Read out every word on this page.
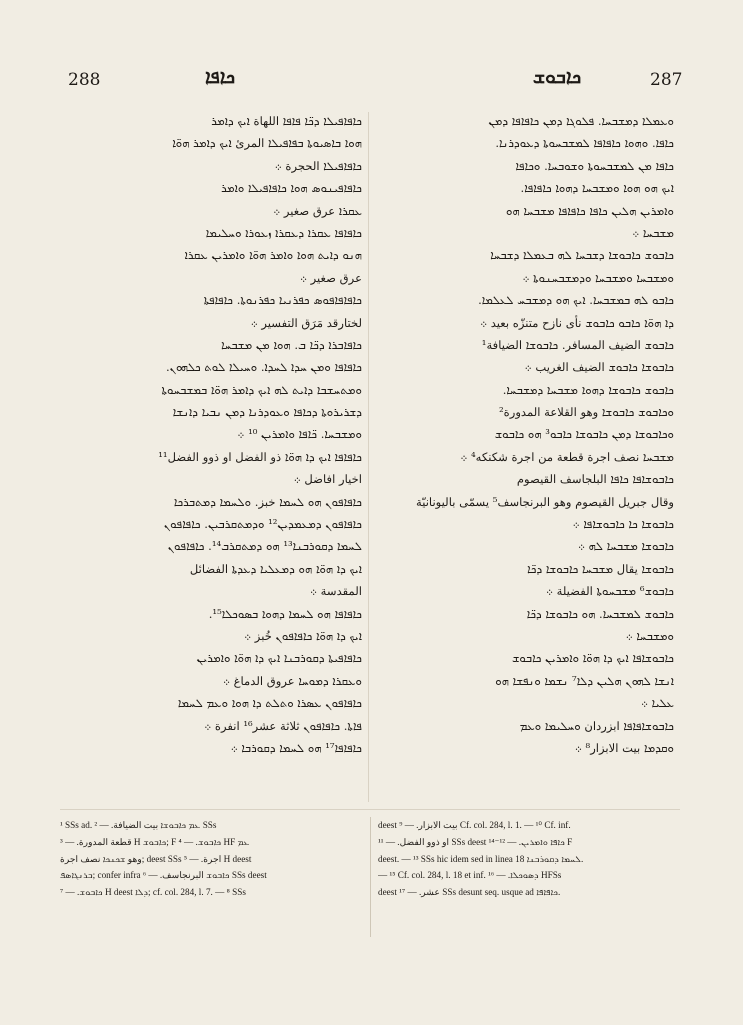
288	ܟܐܦܐ	ܟܐܒܘܫ	287
ܟܐܦܐܦܝܠܐ ܕܟ̈ܐ ܦܐܦܐ اللهاة ܐܝܟ ܕܐܡܪ
ܗܘܐ ܒܐܣܝܘܬܐ ܒܦܐܦܝܠܐ المرئ ܐܝܟ ܕܐܡܪ ܗܘ̈ܐ
ܟܐܦܐܦܝܠܐ الحجرة ܀
ܟܐܦܐܦܝܢܘܣ ܗܘܐ ܟܐܦܐܦܝܠܐ ܘܐܡܪ
ܥܩܪܐ عرق صغير ܀
ܟܐܦܐܦܐ ܥܩܪܐ ܕܥܩܪܐ ܙܥܘܪܐ ܘܚܠܝܡܐ
ܗܢܘ ܕܐܝܬ ܗܘܐ ܘܐܡܪ ܗܘ̈ܐ ܘܐܡܪܝܢ ܥܩܪܐ
عرق صغير ܀
ܟܐܦܐܦܐܦܘܣ ܟܦܪܢܝܐ ܟܦܪܢܘܬܐ. ܟܐܦܐܦܬܐ
لختارقد مَرَق التفسير ܀
ܟܐܦܐܒܪܐ ܕܟ̈ܐ ܒ. ܗܘܐ ܡܢ ܡܫܒܚܐ
ܟܐܦܐܦܐ ܘܡܢ ܚܕܐ ܠܚܕܐ. ܘܚܝܠܐ ܠܘܬ ܟܠܗܘܢ.
ܘܡܬܚܫܒܐ ܕܐܝܬ ܠܗ ܐܝܟ ܕܐܡܪ ܗܘ̈ܐ ܒܡܫܒܚܘܬܐ
ܕܫܪܝܪܘܬܐ ܕܟܐܦܐ ܘܥܘܕܪܢܐ ܕܡܢ ܢܒܝܐ ܕܐܢܫܐ
ܘܡܫܒܚܐ. ܟ̈ܐܦܐ ܘܐܡܪܝܢ ¹⁰ ܀
ܟܐܦܐܦܐ ܐܝܟ ܕܐ ܗܘ̈ܐ ذو الفضل او ذوو الفضل¹¹
اخيار افاضل ܀
ܟܐܦܐܦܘܢ ܗܘ ܠܚܡܐ خبز. ܘܠܚܡܐ ܕܡܬܒܪܟܐ
ܟܐܦܐܦܘܢ ܕܡܥܡܕܝܢ¹² ܘܕܡܬܩܪܒܝܢ. ܟܐܦܐܦܘܢ
ܠܚܡܐ ܕܩܘܪܒܢܐ¹³ ܗܘ ܕܡܬܩܪܒ¹⁴. ܟܐܦܐܦܘܢ
ܐܝܟ ܕܐ ܗܘ̈ܐ ܗܘ ܕܡܥܠܝܐ ܕܥܕܬܐ الفضائل
المقدسة ܀
ܟܐܦܐܦܐ ܗܘ ܠܚܡܐ ܕܗܘܐ ܒܣܘܟܠܐ¹⁵.
ܐܝܟ ܕܐ ܗܘ̈ܐ ܟܐܦܐܦܘܢ خُبز ܀
ܟܐܦܐܦܝܬܐ ܕܩܘܪܒܢܐ ܐܝܟ ܕܐ ܗܘ̈ܐ ܘܐܡܪܝܢ
ܘܥܩܪܐ ܕܡܘܚܐ عروق الدماغ ܀
ܟܐܦܐܦܘܢ ܥܣܪܐ ܘܬܠܬ ܕܐ ܗܘܐ ܘܥܡ ܠܚܡܐ
ܦܐܬܐ. ܟܐܦܐܦܘܢ ثلاثة عشر¹⁶ انفرة ܀
ܟܐܦܐܦܐ¹⁷ ܗܘ ܠܚܡܐ ܕܩܘܪܒܐ ܀
ܘܥܡܠܐ ܕܡܫܒܚܐ. ܦܠܘܓܐ ܕܡܢ ܟܐܦܐܦܐ ܕܡܢ
ܟܐܦܐ. ܘܗܘܐ ܟܐܦܐܦܐ ܠܡܫܒܚܘܬܐ ܕܥܘܕܪܢܐ.
ܟܐܦܐ ܡܢ ܠܡܫܒܚܘܬܐ ܘܫܘܒܚܐ. ܘܟܐܦܐ
ܐܝܟ ܗܘ ܗܘܐ ܘܡܫܒܚܐ ܕܗܘܐ ܟܐܦܐܦܐ.
ܘܐܡܪܝܢ ܗܠܝܢ ܟܐܦܐ ܟܐܦܐܦܐ ܡܫܒܚܐ ܗܘ
ܡܫܒܚܐ ܀
ܟܐܒܘܫ ܟܐܒܘܫܐ ܕܫܒܚܐ ܠܗ ܒܥܡܠܐ ܕܫܒܚܐ
ܘܡܫܒܚܐ ܘܡܫܒܚܐ ܘܕܡܫܒܚܢܘܬܐ ܀
ܟܐܒܘ ܠܗ ܒܡܫܒܚܐ. ܐܝܟ ܗܘ ܕܡܫܒܚ ܠܥܠܡܐ.
ܕܐ ܗܘ̈ܐ ܟܐܒܘ ܟܐܒܘܫ نأى نازح متنزّه بعيد ܀
ܟܐܒܘܫ الضيف المسافر. ܟܐܒܘܫܐ الضيافة¹
ܟܐܒܘܫܐ ܟܐܒܘܫ الضيف الغريب ܀
ܟܐܒܘܫ ܟܐܒܘܫܐ ܕܗܘܐ ܡܫܒܚܐ ܕܡܫܒܚܐ.
ܘܟܐܒܘܫ ܟܐܒܘܫܐ وهو القلاعة المدورة²
ܘܟܐܒܘܫܐ ܕܡܢ ܟܐܒܘܫܐ ܟܐܒܘ³ ܗܘ ܟܐܒܘܫ
ܡܫܒܚܐ نصف اجرة قطعة من اجرة شكنكه⁴ ܀
ܟܐܒܘܫܐܦܐ ܟܐܦܐ البلجاسف القيصوم
وقال جبريل القيصوم وهو البرنجاسف⁵ يسمّى باليونانيّة
ܟܐܒܘܫܐ ܟܐ ܟܐܒܘܫܐܦܐ ܀
ܟܐܒܘܫܐ ܡܫܒܚܐ ܠܗ ܀
ܟܐܒܘܫܐ يقال ܡܫܒܚܐ ܟܐܒܘܫܐ ܕܟ̈ܐ
ܟܐܒܘܫ⁶ ܡܫܒܚܘܬܐ الفضيلة ܀
ܟܐܒܘܫ ܠܡܫܒܚܐ. ܗܘ ܟܐܒܘܫܐ ܕܟ̈ܐ
ܘܡܫܒܚܐ ܀
ܟܐܒܘܫܐܦܐ ܐܝܟ ܕܐ ܗܘ̈ܐ ܘܐܡܪܝܢ ܟܐܒܘܫ
ܐܢܫܐ ܠܗܘܢ ܗܠܝܢ ܕܠܐ⁷ ܢܫܡܐ ܘܢܦܫܐ ܗܘ
ܥܠܝܐ ܀
ܟܐܒܘܫܐܦܐܦܐ ابزردان ܘܚܠܝܡܐ ܘܥܡ
ܘܩܕܡܐ بيت الابزار⁸ ܀
¹ SSs ad. ܥܡ ܟܐܒܘܫܐ بيت الضيافة. — ² SSs
قطعة المدورة. — ³ H ܟܐܒܘܫ; F ܟܐܒܘܫ. — ⁴ HF ܥܡ
وهو ܫܟܢܟܐ نصف اجرة; deest SSs اجرة. — ⁵ H deest
ܒܪܢܓܐܣܦ; confer infra ܟܐܒܘܫ البرنجاسف. — ⁶ SSs deest
ܟܐܒܘܫ. — ⁷ H deest ܕܠܐ; cf. col. 284, l. 7. — ⁸ SSs
deest بيت الابزار. — ⁹ Cf. col. 284, l. 1. — ¹⁰ Cf. inf.
او ذوو الفضل. — ¹¹ SSs deest ܟܐܦܐ ܘܐܡܪܝܢ. — ¹²⁻¹⁴ F
deest. — ¹³ SSs hic idem sed in linea 18 ܠܚܡܐ ܕܩܘܪܒܢܐ.
— ¹⁵ Cf. col. 284, l. 18 et inf. ܕܣܘܟܠܐ. — ¹⁶ HFSs
deest عشر. — ¹⁷ SSs desunt seq. usque ad ܟܐܦܐܦܐ.
